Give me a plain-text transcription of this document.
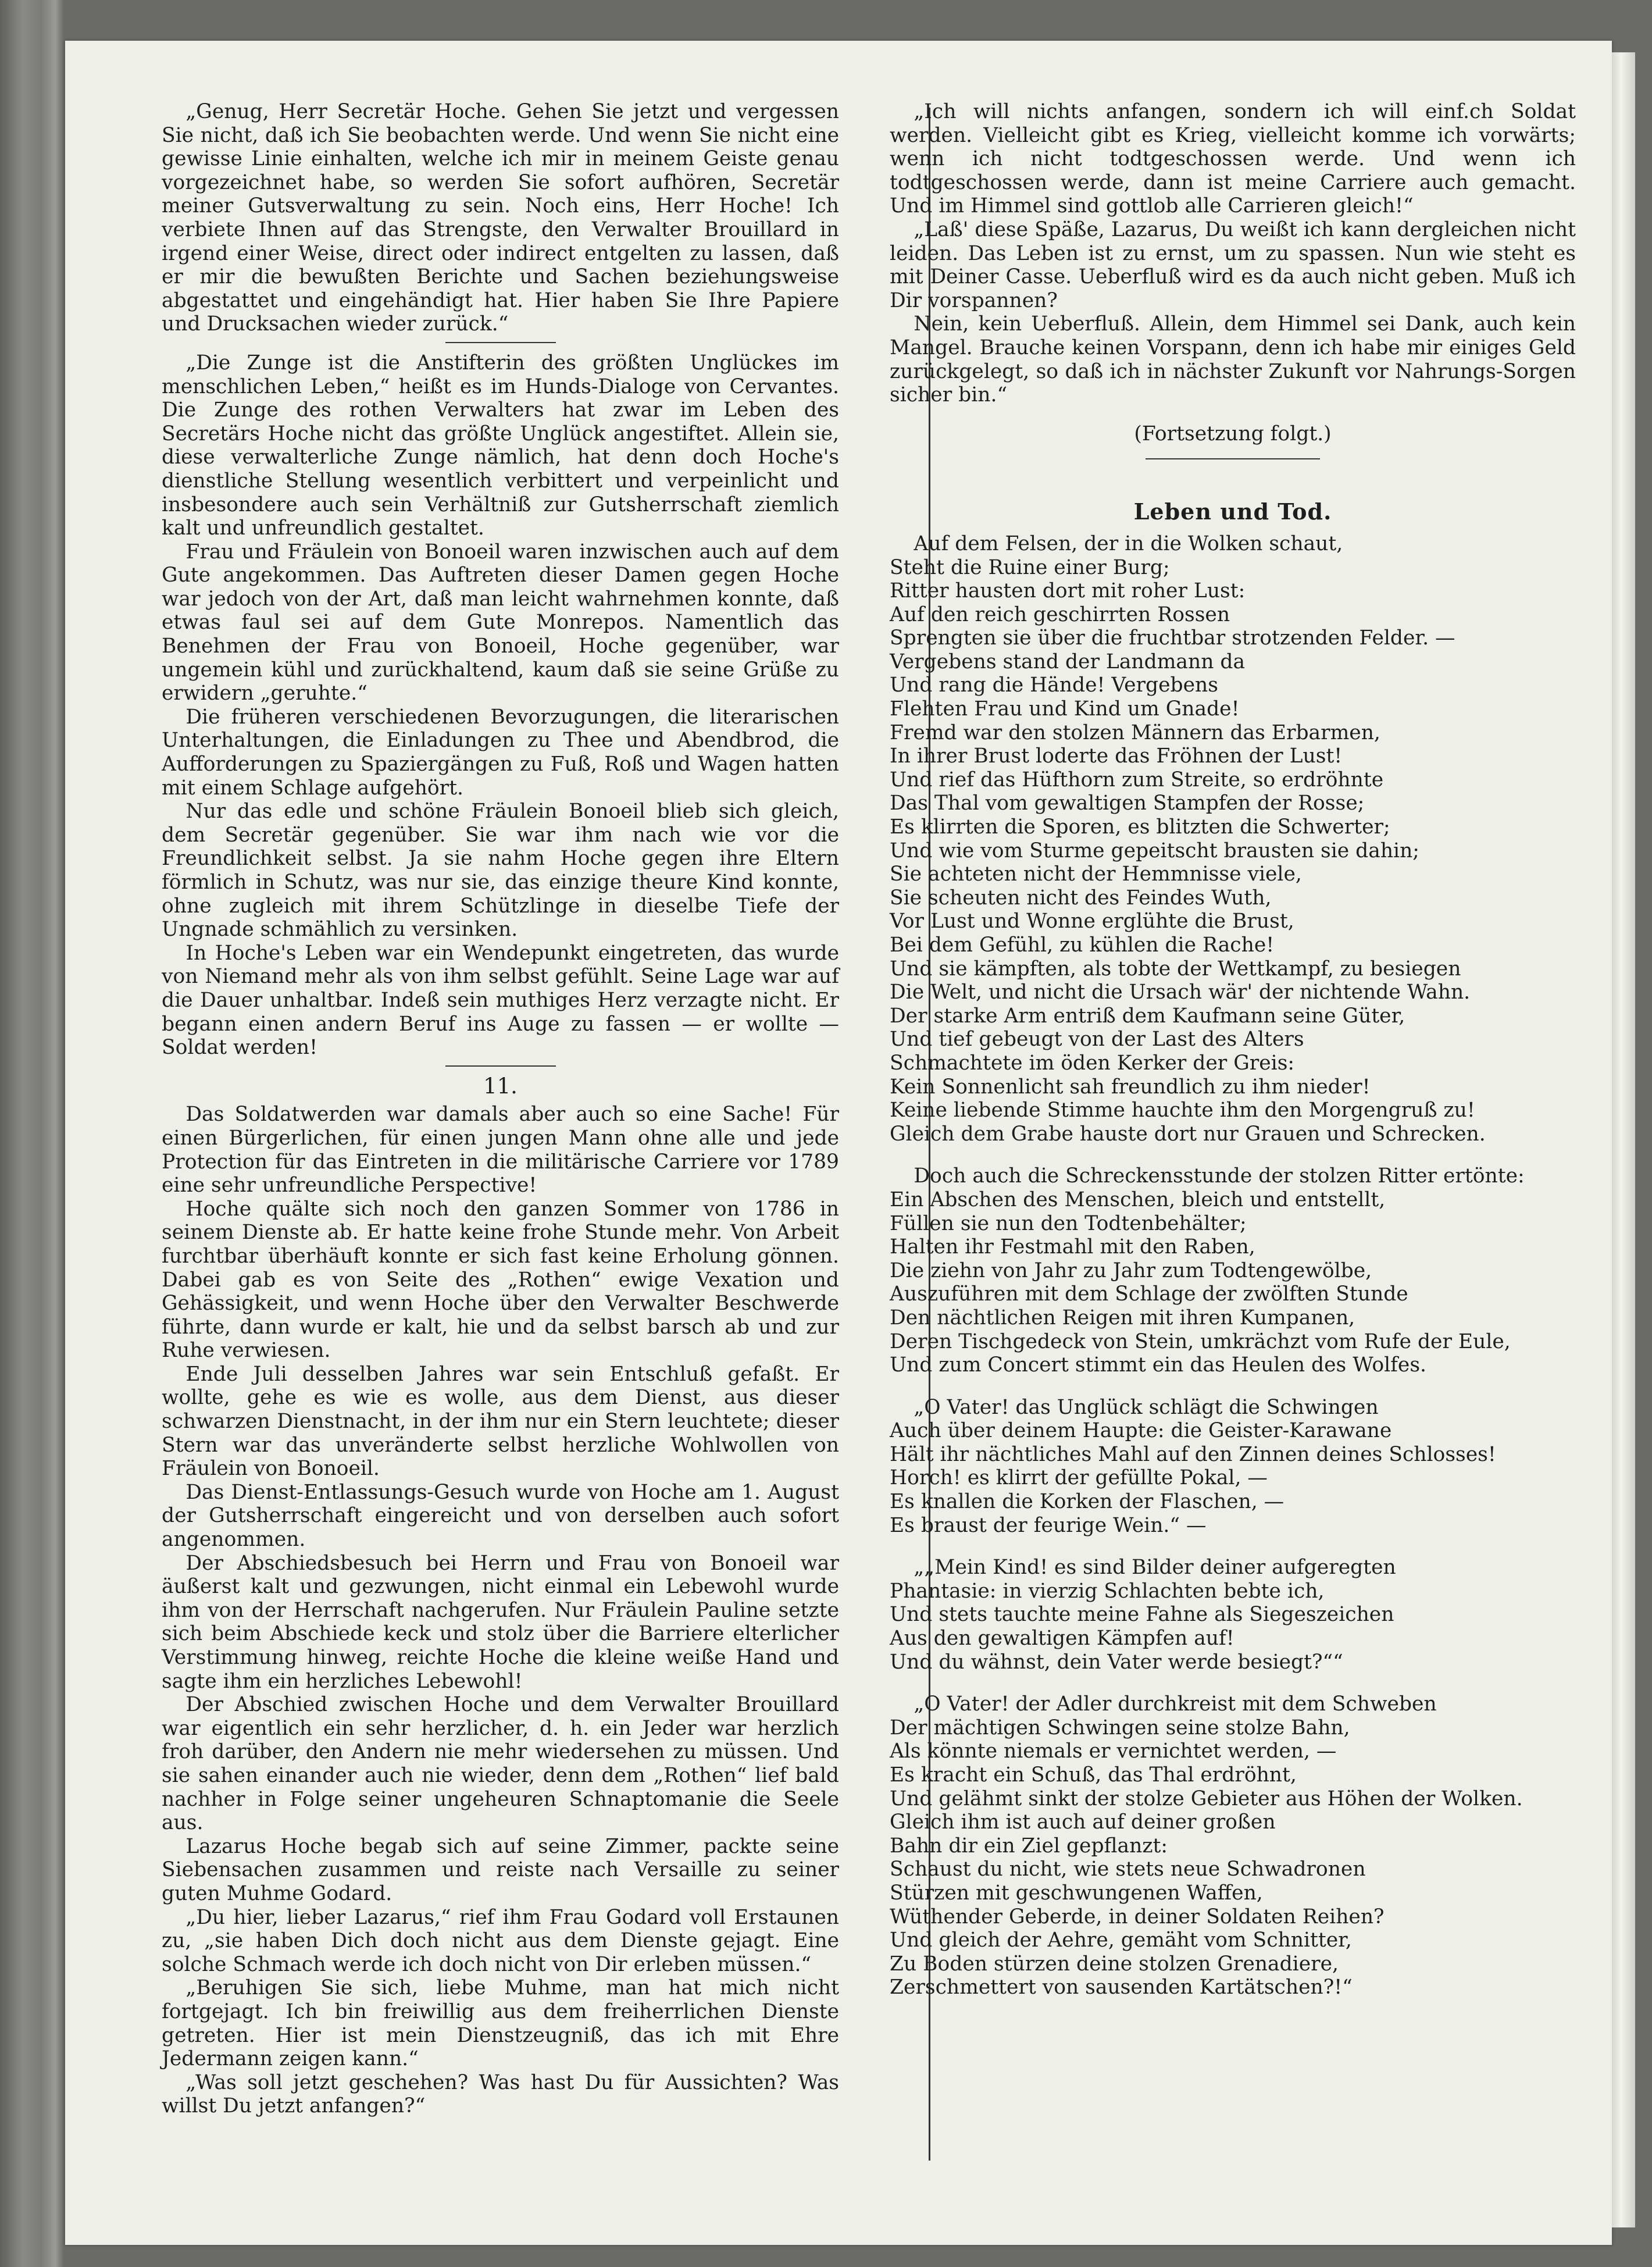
„Genug, Herr Secretär Hoche. Gehen Sie jetzt und vergessen Sie nicht, daß ich Sie beobachten werde. Und wenn Sie nicht eine gewisse Linie einhalten, welche ich mir in meinem Geiste genau vorgezeichnet habe, so werden Sie sofort aufhören, Secretär meiner Gutsverwaltung zu sein. Noch eins, Herr Hoche! Ich verbiete Ihnen auf das Strengste, den Verwalter Brouillard in irgend einer Weise, direct oder indirect entgelten zu lassen, daß er mir die bewußten Berichte und Sachen beziehungsweise abgestattet und eingehändigt hat. Hier haben Sie Ihre Papiere und Drucksachen wieder zurück.“

„Die Zunge ist die Anstifterin des größten Unglückes im menschlichen Leben,“ heißt es im Hunds-Dialoge von Cervantes. Die Zunge des rothen Verwalters hat zwar im Leben des Secretärs Hoche nicht das größte Unglück angestiftet. Allein sie, diese verwalterliche Zunge nämlich, hat denn doch Hoche's dienstliche Stellung wesentlich verbittert und verpeinlicht und insbesondere auch sein Verhältniß zur Gutsherrschaft ziemlich kalt und unfreundlich gestaltet.

Frau und Fräulein von Bonoeil waren inzwischen auch auf dem Gute angekommen. Das Auftreten dieser Damen gegen Hoche war jedoch von der Art, daß man leicht wahrnehmen konnte, daß etwas faul sei auf dem Gute Monrepos. Namentlich das Benehmen der Frau von Bonoeil, Hoche gegenüber, war ungemein kühl und zurückhaltend, kaum daß sie seine Grüße zu erwidern „geruhte.“

Die früheren verschiedenen Bevorzugungen, die literarischen Unterhaltungen, die Einladungen zu Thee und Abendbrod, die Aufforderungen zu Spaziergängen zu Fuß, Roß und Wagen hatten mit einem Schlage aufgehört.

Nur das edle und schöne Fräulein Bonoeil blieb sich gleich, dem Secretär gegenüber. Sie war ihm nach wie vor die Freundlichkeit selbst. Ja sie nahm Hoche gegen ihre Eltern förmlich in Schutz, was nur sie, das einzige theure Kind konnte, ohne zugleich mit ihrem Schützlinge in dieselbe Tiefe der Ungnade schmählich zu versinken.

In Hoche's Leben war ein Wendepunkt eingetreten, das wurde von Niemand mehr als von ihm selbst gefühlt. Seine Lage war auf die Dauer unhaltbar. Indeß sein muthiges Herz verzagte nicht. Er begann einen andern Beruf ins Auge zu fassen — er wollte — Soldat werden!

11.

Das Soldatwerden war damals aber auch so eine Sache! Für einen Bürgerlichen, für einen jungen Mann ohne alle und jede Protection für das Eintreten in die militärische Carriere vor 1789 eine sehr unfreundliche Perspective!

Hoche quälte sich noch den ganzen Sommer von 1786 in seinem Dienste ab. Er hatte keine frohe Stunde mehr. Von Arbeit furchtbar überhäuft konnte er sich fast keine Erholung gönnen. Dabei gab es von Seite des „Rothen“ ewige Vexation und Gehässigkeit, und wenn Hoche über den Verwalter Beschwerde führte, dann wurde er kalt, hie und da selbst barsch ab und zur Ruhe verwiesen.

Ende Juli desselben Jahres war sein Entschluß gefaßt. Er wollte, gehe es wie es wolle, aus dem Dienst, aus dieser schwarzen Dienstnacht, in der ihm nur ein Stern leuchtete; dieser Stern war das unveränderte selbst herzliche Wohlwollen von Fräulein von Bonoeil.

Das Dienst-Entlassungs-Gesuch wurde von Hoche am 1. August der Gutsherrschaft eingereicht und von derselben auch sofort angenommen.

Der Abschiedsbesuch bei Herrn und Frau von Bonoeil war äußerst kalt und gezwungen, nicht einmal ein Lebewohl wurde ihm von der Herrschaft nachgerufen. Nur Fräulein Pauline setzte sich beim Abschiede keck und stolz über die Barriere elterlicher Verstimmung hinweg, reichte Hoche die kleine weiße Hand und sagte ihm ein herzliches Lebewohl!

Der Abschied zwischen Hoche und dem Verwalter Brouillard war eigentlich ein sehr herzlicher, d. h. ein Jeder war herzlich froh darüber, den Andern nie mehr wiedersehen zu müssen. Und sie sahen einander auch nie wieder, denn dem „Rothen“ lief bald nachher in Folge seiner ungeheuren Schnaptomanie die Seele aus.

Lazarus Hoche begab sich auf seine Zimmer, packte seine Siebensachen zusammen und reiste nach Versaille zu seiner guten Muhme Godard.

„Du hier, lieber Lazarus,“ rief ihm Frau Godard voll Erstaunen zu, „sie haben Dich doch nicht aus dem Dienste gejagt. Eine solche Schmach werde ich doch nicht von Dir erleben müssen.“

„Beruhigen Sie sich, liebe Muhme, man hat mich nicht fortgejagt. Ich bin freiwillig aus dem freiherrlichen Dienste getreten. Hier ist mein Dienstzeugniß, das ich mit Ehre Jedermann zeigen kann.“

„Was soll jetzt geschehen? Was hast Du für Aussichten? Was willst Du jetzt anfangen?“

„Ich will nichts anfangen, sondern ich will einf.ch Soldat werden. Vielleicht gibt es Krieg, vielleicht komme ich vorwärts; wenn ich nicht todtgeschossen werde. Und wenn ich todtgeschossen werde, dann ist meine Carriere auch gemacht. Und im Himmel sind gottlob alle Carrieren gleich!“

„Laß' diese Späße, Lazarus, Du weißt ich kann dergleichen nicht leiden. Das Leben ist zu ernst, um zu spassen. Nun wie steht es mit Deiner Casse. Ueberfluß wird es da auch nicht geben. Muß ich Dir vorspannen?

Nein, kein Ueberfluß. Allein, dem Himmel sei Dank, auch kein Mangel. Brauche keinen Vorspann, denn ich habe mir einiges Geld zurückgelegt, so daß ich in nächster Zukunft vor Nahrungs-Sorgen sicher bin.“

(Fortsetzung folgt.)
Leben und Tod.
Auf dem Felsen, der in die Wolken schaut,
Steht die Ruine einer Burg;
Ritter hausten dort mit roher Lust:
Auf den reich geschirrten Rossen
Sprengten sie über die fruchtbar strotzenden Felder. —
Vergebens stand der Landmann da
Und rang die Hände! Vergebens
Flehten Frau und Kind um Gnade!
Fremd war den stolzen Männern das Erbarmen,
In ihrer Brust loderte das Fröhnen der Lust!
Und rief das Hüfthorn zum Streite, so erdröhnte
Das Thal vom gewaltigen Stampfen der Rosse;
Es klirrten die Sporen, es blitzten die Schwerter;
Und wie vom Sturme gepeitscht brausten sie dahin;
Sie achteten nicht der Hemmnisse viele,
Sie scheuten nicht des Feindes Wuth,
Vor Lust und Wonne erglühte die Brust,
Bei dem Gefühl, zu kühlen die Rache!
Und sie kämpften, als tobte der Wettkampf, zu besiegen
Die Welt, und nicht die Ursach wär' der nichtende Wahn.
Der starke Arm entriß dem Kaufmann seine Güter,
Und tief gebeugt von der Last des Alters
Schmachtete im öden Kerker der Greis:
Kein Sonnenlicht sah freundlich zu ihm nieder!
Keine liebende Stimme hauchte ihm den Morgengruß zu!
Gleich dem Grabe hauste dort nur Grauen und Schrecken.
Doch auch die Schreckensstunde der stolzen Ritter ertönte:
Ein Abschen des Menschen, bleich und entstellt,
Füllen sie nun den Todtenbehälter;
Halten ihr Festmahl mit den Raben,
Die ziehn von Jahr zu Jahr zum Todtengewölbe,
Auszuführen mit dem Schlage der zwölften Stunde
Den nächtlichen Reigen mit ihren Kumpanen,
Deren Tischgedeck von Stein, umkrächzt vom Rufe der Eule,
Und zum Concert stimmt ein das Heulen des Wolfes.
„O Vater! das Unglück schlägt die Schwingen
Auch über deinem Haupte: die Geister-Karawane
Hält ihr nächtliches Mahl auf den Zinnen deines Schlosses!
Horch! es klirrt der gefüllte Pokal, —
Es knallen die Korken der Flaschen, —
Es braust der feurige Wein.“ —
„„Mein Kind! es sind Bilder deiner aufgeregten
Phantasie: in vierzig Schlachten bebte ich,
Und stets tauchte meine Fahne als Siegeszeichen
Aus den gewaltigen Kämpfen auf!
Und du wähnst, dein Vater werde besiegt?““
„O Vater! der Adler durchkreist mit dem Schweben
Der mächtigen Schwingen seine stolze Bahn,
Als könnte niemals er vernichtet werden, —
Es kracht ein Schuß, das Thal erdröhnt,
Und gelähmt sinkt der stolze Gebieter aus Höhen der Wolken.
Gleich ihm ist auch auf deiner großen
Bahn dir ein Ziel gepflanzt:
Schaust du nicht, wie stets neue Schwadronen
Stürzen mit geschwungenen Waffen,
Wüthender Geberde, in deiner Soldaten Reihen?
Und gleich der Aehre, gemäht vom Schnitter,
Zu Boden stürzen deine stolzen Grenadiere,
Zerschmettert von sausenden Kartätschen?!“
